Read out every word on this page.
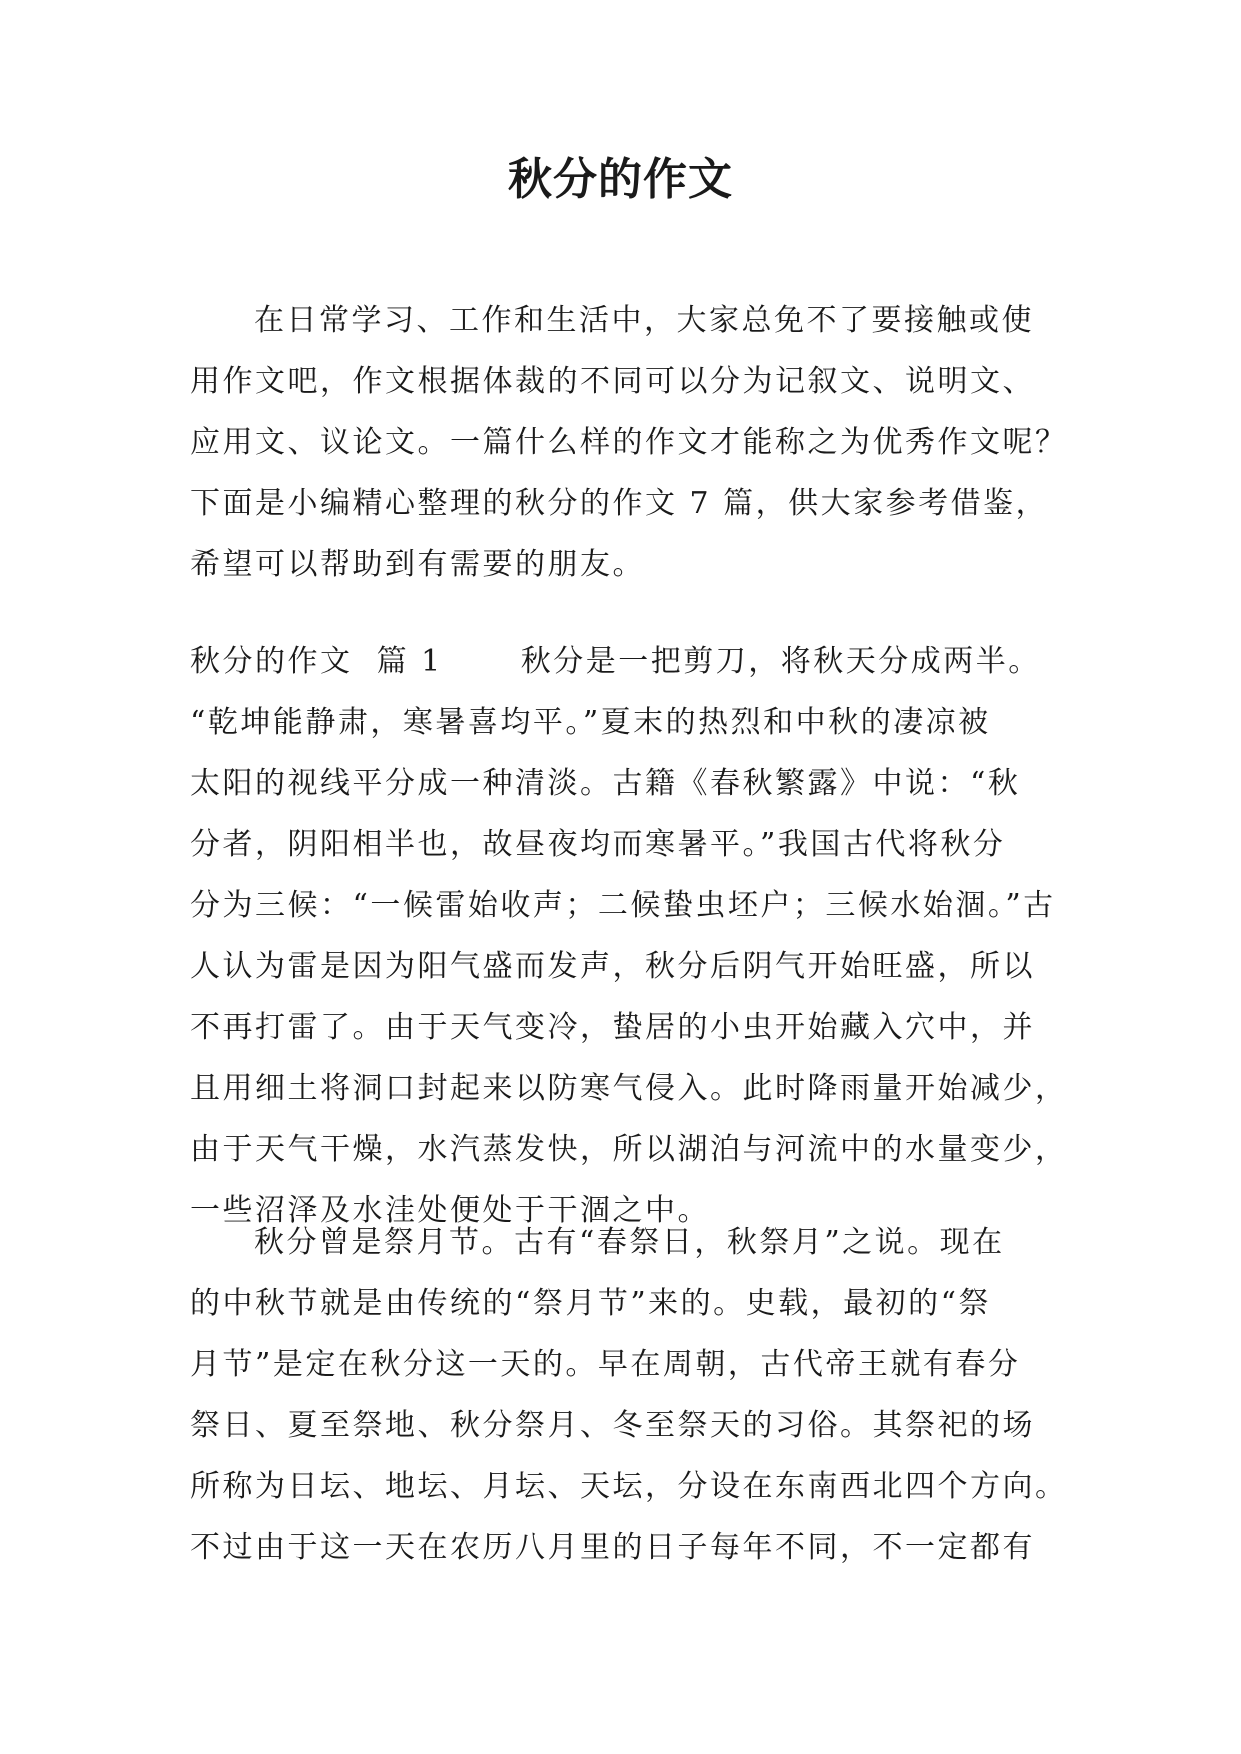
秋分的作文
在日常学习、工作和生活中，大家总免不了要接触或使
用作文吧，作文根据体裁的不同可以分为记叙文、说明文、
应用文、议论文。一篇什么样的作文才能称之为优秀作文呢？
下面是小编精心整理的秋分的作文 7 篇，供大家参考借鉴，
希望可以帮助到有需要的朋友。
秋分的作文  篇 1	秋分是一把剪刀，将秋天分成两半。
“乾坤能静肃，寒暑喜均平。”夏末的热烈和中秋的凄凉被
太阳的视线平分成一种清淡。古籍《春秋繁露》中说：“秋
分者，阴阳相半也，故昼夜均而寒暑平。”我国古代将秋分
分为三候：“一候雷始收声；二候蛰虫坯户；三候水始涸。”古
人认为雷是因为阳气盛而发声，秋分后阴气开始旺盛，所以
不再打雷了。由于天气变冷，蛰居的小虫开始藏入穴中，并
且用细土将洞口封起来以防寒气侵入。此时降雨量开始减少，
由于天气干燥，水汽蒸发快，所以湖泊与河流中的水量变少，
一些沼泽及水洼处便处于干涸之中。
秋分曾是祭月节。古有“春祭日，秋祭月”之说。现在
的中秋节就是由传统的“祭月节”来的。史载，最初的“祭
月节”是定在秋分这一天的。早在周朝，古代帝王就有春分
祭日、夏至祭地、秋分祭月、冬至祭天的习俗。其祭祀的场
所称为日坛、地坛、月坛、天坛，分设在东南西北四个方向。
不过由于这一天在农历八月里的日子每年不同，不一定都有
